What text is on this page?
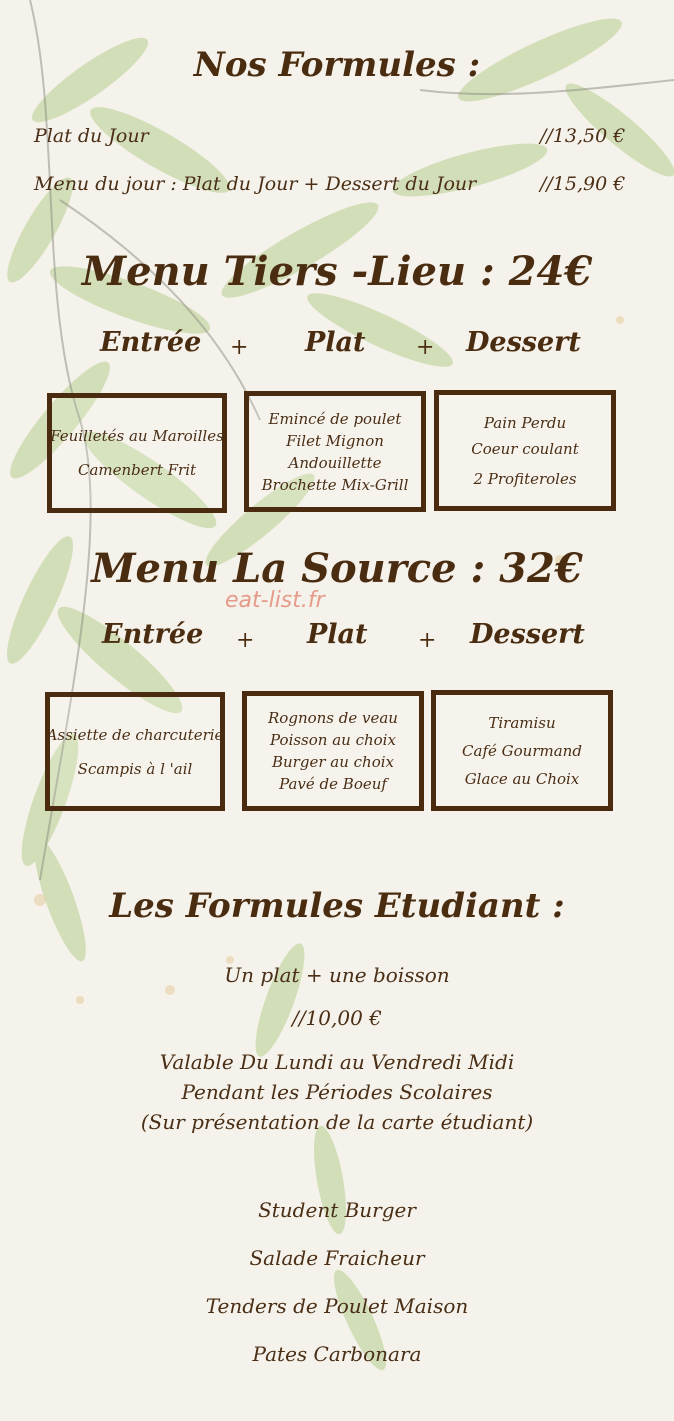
Nos Formules :
Plat du Jour	//13,50 €
Menu du jour : Plat du Jour + Dessert du Jour	//15,90 €
Menu Tiers -Lieu : 24€
Entrée + Plat + Dessert
Feuilletés au Maroilles
Camenbert Frit
Emincé de poulet
Filet Mignon
Andouillette
Brochette Mix-Grill
Pain Perdu
Coeur coulant
2 Profiteroles
Menu La Source : 32€
eat-list.fr
Entrée + Plat + Dessert
Assiette de charcuterie
Scampis à l 'ail
Rognons de veau
Poisson au choix
Burger au choix
Pavé de Boeuf
Tiramisu
Café Gourmand
Glace au Choix
Les Formules Etudiant :
Un plat + une boisson
//10,00 €
Valable Du Lundi au Vendredi Midi
Pendant les Périodes Scolaires
(Sur présentation de la carte étudiant)
Student Burger
Salade Fraicheur
Tenders de Poulet Maison
Pates Carbonara
